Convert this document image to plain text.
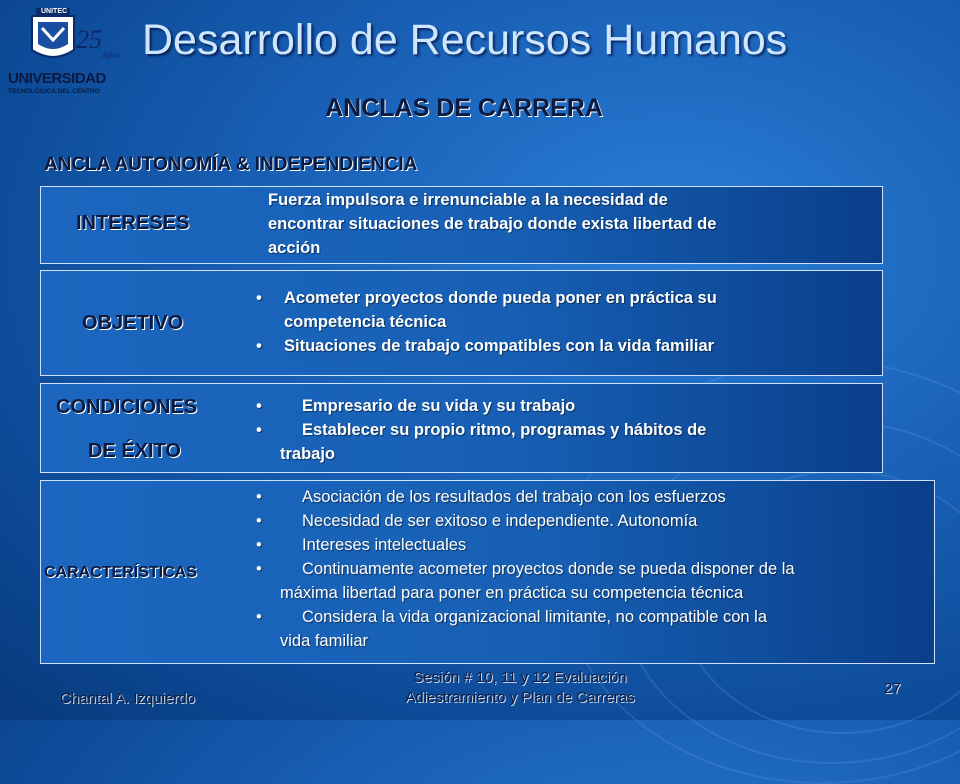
25
Años
UNITEC
UNIVERSIDAD
TECNOLÓGICA DEL CENTRO
Desarrollo de Recursos Humanos
ANCLAS DE CARRERA
ANCLA AUTONOMÍA & INDEPENDIENCIA
INTERESES
Fuerza impulsora e irrenunciable a la necesidad de
encontrar situaciones de trabajo donde exista libertad de
acción
OBJETIVO
• Acometer proyectos donde pueda poner en práctica su
competencia técnica
• Situaciones de trabajo compatibles con la vida familiar
CONDICIONES
DE ÉXITO
• Empresario de su vida y su trabajo
• Establecer su propio ritmo, programas y hábitos de
trabajo
CARACTERÍSTICAS
• Asociación de los resultados del trabajo con los esfuerzos
• Necesidad de ser exitoso e independiente. Autonomía
• Intereses intelectuales
• Continuamente acometer proyectos donde se pueda disponer de la
máxima libertad para poner en práctica su competencia técnica
• Considera la vida organizacional limitante, no compatible con la
vida familiar
Chantal A. Izquierdo
Sesión # 10, 11 y 12 Evaluación
Adiestramiento y Plan de Carreras
27
